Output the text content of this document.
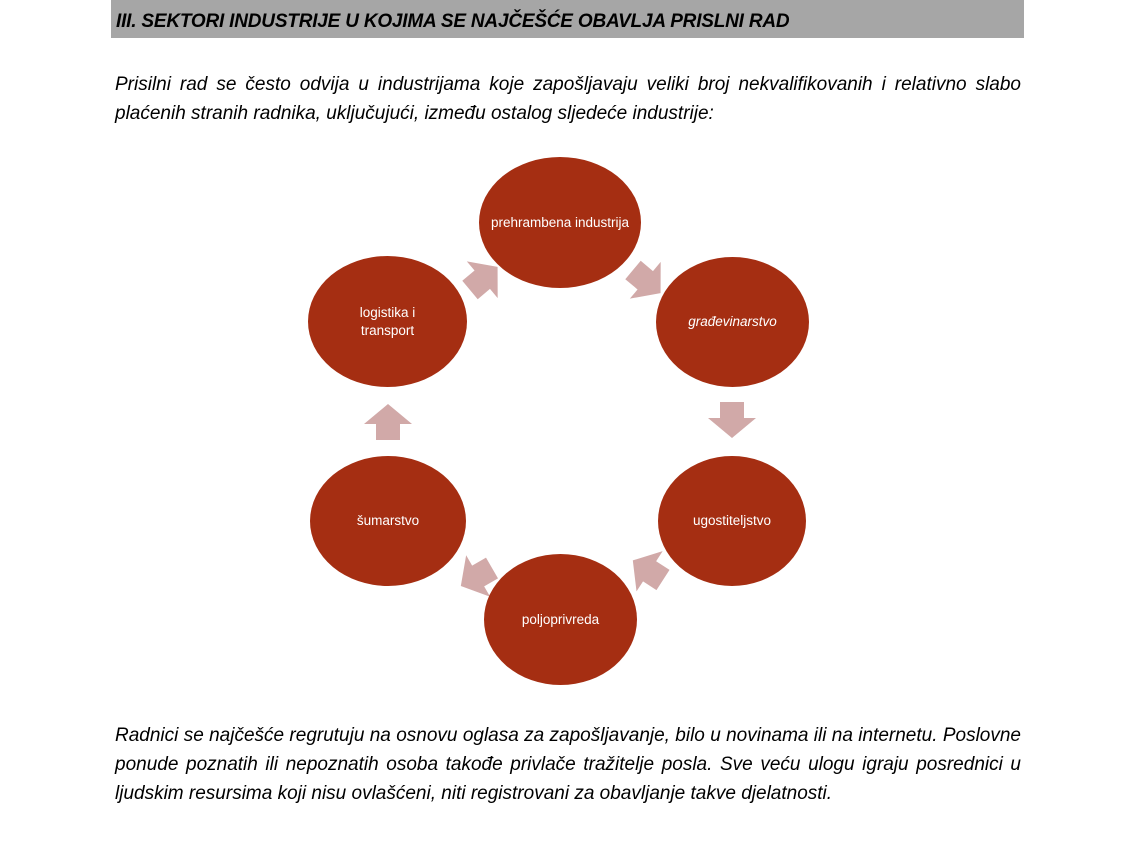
III. SEKTORI INDUSTRIJE U KOJIMA SE NAJČEŠĆE OBAVLJA PRISLNI RAD

Prisilni rad se često odvija u industrijama koje zapošljavaju veliki broj nekvalifikovanih i relativno slabo plaćenih stranih radnika, uključujući, između ostalog sljedeće industrije:

prehrambena industrija
građevinarstvo
ugostiteljstvo
poljoprivreda
šumarstvo
logistika i transport

Radnici se najčešće regrutuju na osnovu oglasa za zapošljavanje, bilo u novinama ili na internetu. Poslovne ponude poznatih ili nepoznatih osoba takođe privlače tražitelje posla. Sve veću ulogu igraju posrednici u ljudskim resursima koji nisu ovlašćeni, niti registrovani za obavljanje takve djelatnosti.
